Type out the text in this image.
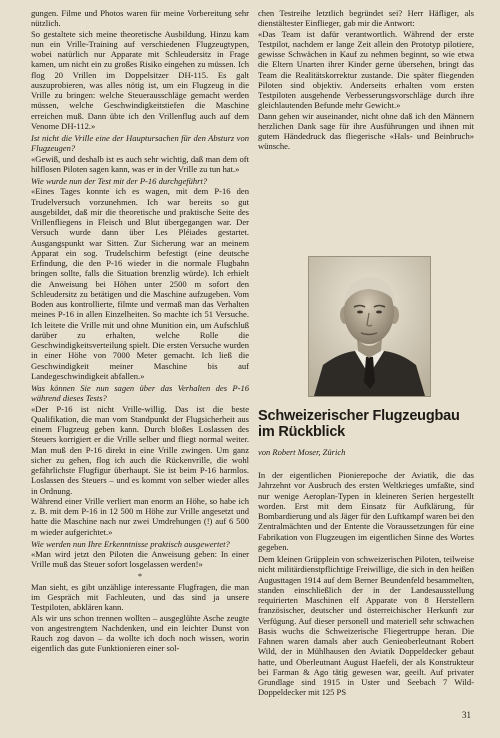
gungen. Filme und Photos waren für meine Vorbereitung sehr nützlich.

So gestaltete sich meine theoretische Ausbildung. Hinzu kam nun ein Vrille-Training auf verschiedenen Flugzeugtypen, wobei natürlich nur Apparate mit Schleudersitz in Frage kamen, um nicht ein zu großes Risiko eingehen zu müssen. Ich flog 20 Vrillen im Doppelsitzer DH-115. Es galt auszuprobieren, was alles nötig ist, um ein Flugzeug in die Vrille zu bringen: welche Steuerausschläge gemacht werden müssen, welche Geschwindigkeitstiefen die Maschine erreichen muß. Dann übte ich den Vrillenflug auch auf dem Venome DH-112.»

Ist nicht die Vrille eine der Hauptursachen für den Absturz von Flugzeugen?

«Gewiß, und deshalb ist es auch sehr wichtig, daß man dem oft hilflosen Piloten sagen kann, was er in der Vrille zu tun hat.»

Wie wurde nun der Test mit der P-16 durchgeführt?

«Eines Tages konnte ich es wagen, mit dem P-16 den Trudelversuch vorzunehmen. Ich war bereits so gut ausgebildet, daß mir die theoretische und praktische Seite des Vrillenfliegens in Fleisch und Blut übergegangen war. Der Versuch wurde dann über Les Pléiades gestartet. Ausgangspunkt war Sitten. Zur Sicherung war an meinem Apparat ein sog. Trudelschirm befestigt (eine deutsche Erfindung, die den P-16 wieder in die normale Flugbahn bringen sollte, falls die Situation brenzlig würde). Ich erhielt die Anweisung bei Höhen unter 2500 m sofort den Schleudersitz zu betätigen und die Maschine aufzugeben. Vom Boden aus kontrollierte, filmte und vermaß man das Verhalten meines P-16 in allen Einzelheiten. So machte ich 51 Versuche. Ich leitete die Vrille mit und ohne Munition ein, um Aufschluß darüber zu erhalten, welche Rolle die Geschwindigkeitsverteilung spielt. Die ersten Versuche wurden in einer Höhe von 7000 Meter gemacht. Ich ließ die Geschwindigkeit meiner Maschine bis auf Landegeschwindigkeit abfallen.»

Was können Sie nun sagen über das Verhalten des P-16 während dieses Tests?

«Der P-16 ist nicht Vrille-willig. Das ist die beste Qualifikation, die man vom Standpunkt der Flugsicherheit aus einem Flugzeug geben kann. Durch bloßes Loslassen des Steuers korrigiert er die Vrille selber und fliegt normal weiter. Man muß den P-16 direkt in eine Vrille zwingen. Um ganz sicher zu gehen, flog ich auch die Rückenvrille, die wohl gefährlichste Flugfigur überhaupt. Sie ist beim P-16 harmlos. Loslassen des Steuers – und es kommt von selber wieder alles in Ordnung.

Während einer Vrille verliert man enorm an Höhe, so habe ich z. B. mit dem P-16 in 12 500 m Höhe zur Vrille angesetzt und hatte die Maschine nach nur zwei Umdrehungen (!) auf 6 500 m wieder aufgerichtet.»

Wie werden nun Ihre Erkenntnisse praktisch ausgewertet?

«Man wird jetzt den Piloten die Anweisung geben: In einer Vrille muß das Steuer sofort losgelassen werden!»

*

Man sieht, es gibt unzählige interessante Flugfragen, die man im Gespräch mit Fachleuten, und das sind ja unsere Testpiloten, abklären kann.

Als wir uns schon trennen wollten – ausgeglühte Asche zeugte von angestrengtem Nachdenken, und ein leichter Dunst von Rauch zog davon – da wollte ich doch noch wissen, worin eigentlich das gute Funktionieren einer sol-

chen Testreihe letztlich begründet sei? Herr Häfliger, als dienstältester Einflieger, gab mir die Antwort:

«Das Team ist dafür verantwortlich. Während der erste Testpilot, nachdem er lange Zeit allein den Prototyp pilotiere, gewisse Schwächen in Kauf zu nehmen beginnt, so wie etwa die Eltern Unarten ihrer Kinder gerne übersehen, bringt das Team die Realitätskorrektur zustande. Die später fliegenden Piloten sind objektiv. Anderseits erhalten vom ersten Testpiloten ausgehende Verbesserungsvorschläge durch ihre gleichlautenden Befunde mehr Gewicht.»

Dann gehen wir auseinander, nicht ohne daß ich den Männern herzlichen Dank sage für ihre Ausführungen und ihnen mit gutem Händedruck das fliegerische «Hals- und Beinbruch» wünsche.

Schweizerischer Flugzeugbau im Rückblick
von Robert Moser, Zürich

In der eigentlichen Pionierepoche der Aviatik, die das Jahrzehnt vor Ausbruch des ersten Weltkrieges umfaßte, sind nur wenige Aeroplan-Typen in kleineren Serien hergestellt worden. Erst mit dem Einsatz für Aufklärung, für Bombardierung und als Jäger für den Luftkampf waren bei den Zentralmächten und der Entente die Voraussetzungen für eine Fabrikation von Flugzeugen im eigentlichen Sinne des Wortes gegeben.

Dem kleinen Grüpplein von schweizerischen Piloten, teilweise nicht militärdienstpflichtige Freiwillige, die sich in den heißen Augusttagen 1914 auf dem Berner Beundenfeld besammelten, standen einschließlich der in der Landesausstellung requirierten Maschinen elf Apparate von 8 Herstellern französischer, deutscher und österreichischer Herkunft zur Verfügung. Auf dieser personell und materiell sehr schwachen Basis wuchs die Schweizerische Fliegertruppe heran. Die Fahnen waren damals aber auch Genieoberleutnant Robert Wild, der in Mühlhausen den Aviatik Doppeldecker gebaut hatte, und Oberleutnant August Haefeli, der als Konstrukteur bei Farman & Ago tätig gewesen war, geeilt. Auf privater Grundlage sind 1915 in Uster und Seebach 7 Wild-Doppeldecker mit 125 PS

31
